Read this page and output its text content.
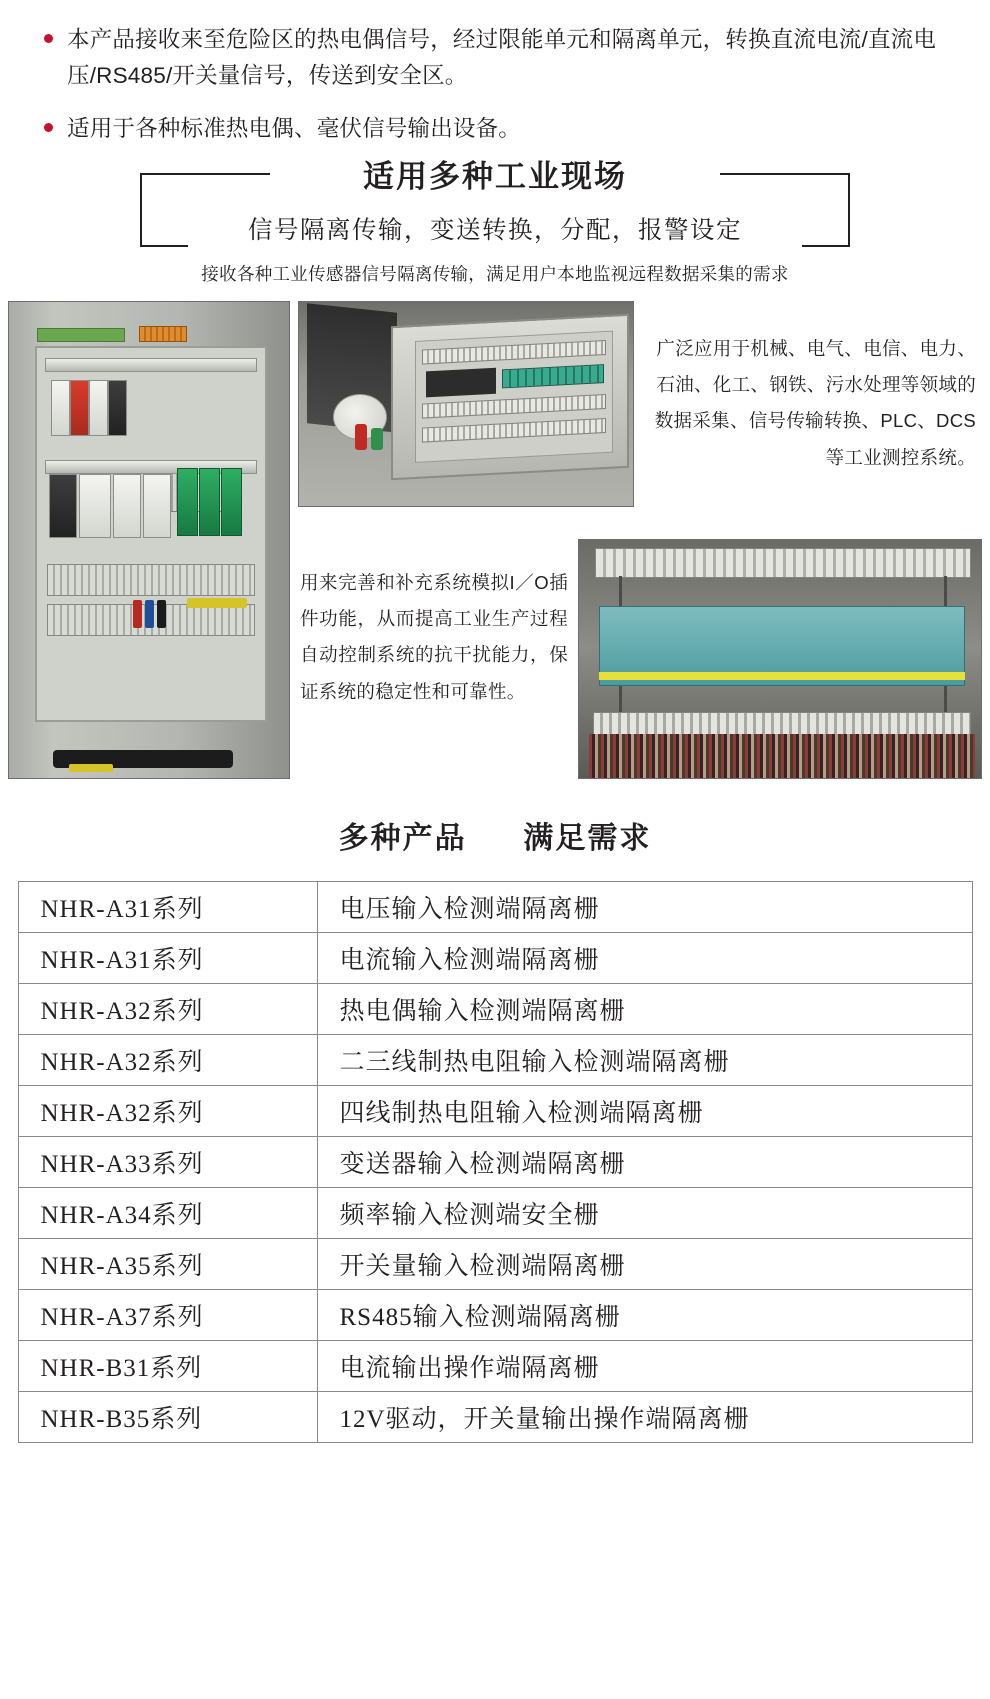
本产品接收来至危险区的热电偶信号，经过限能单元和隔离单元，转换直流电流/直流电压/RS485/开关量信号，传送到安全区。
适用于各种标准热电偶、毫伏信号输出设备。
适用多种工业现场
信号隔离传输，变送转换，分配，报警设定
接收各种工业传感器信号隔离传输，满足用户本地监视远程数据采集的需求
广泛应用于机械、电气、电信、电力、石油、化工、钢铁、污水处理等领域的数据采集、信号传输转换、PLC、DCS等工业测控系统。
用来完善和补充系统模拟I／O插件功能，从而提高工业生产过程自动控制系统的抗干扰能力，保证系统的稳定性和可靠性。
多种产品 满足需求
NHR-A31系列	电压输入检测端隔离栅
NHR-A31系列	电流输入检测端隔离栅
NHR-A32系列	热电偶输入检测端隔离栅
NHR-A32系列	二三线制热电阻输入检测端隔离栅
NHR-A32系列	四线制热电阻输入检测端隔离栅
NHR-A33系列	变送器输入检测端隔离栅
NHR-A34系列	频率输入检测端安全栅
NHR-A35系列	开关量输入检测端隔离栅
NHR-A37系列	RS485输入检测端隔离栅
NHR-B31系列	电流输出操作端隔离栅
NHR-B35系列	12V驱动，开关量输出操作端隔离栅
